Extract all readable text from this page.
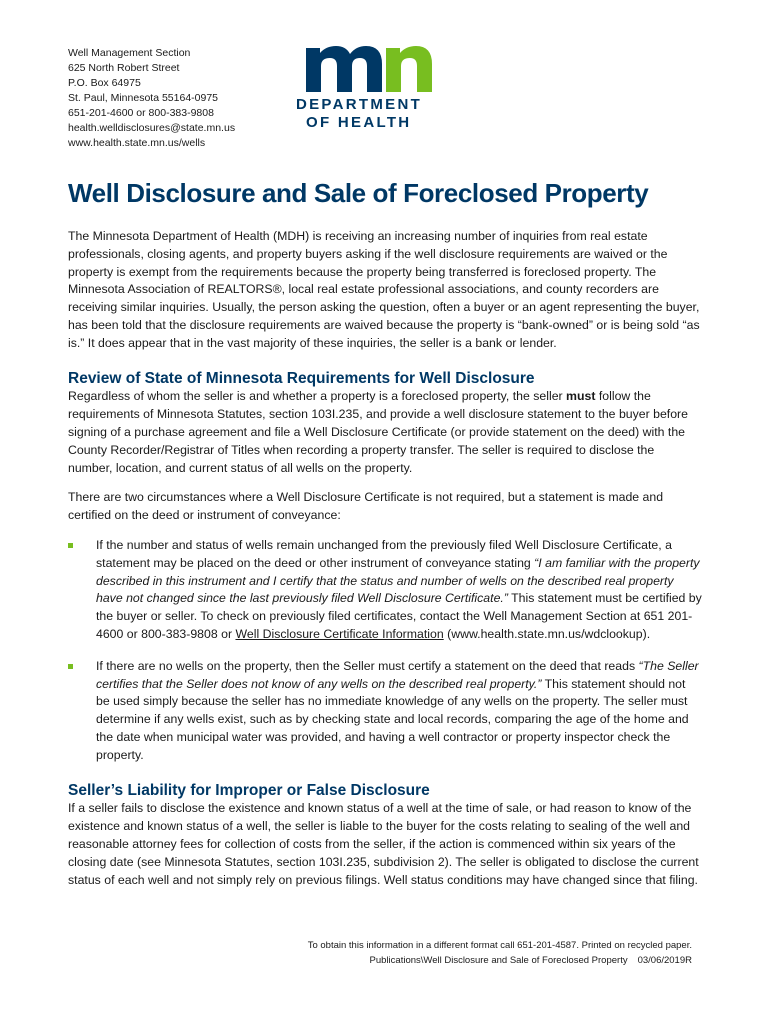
Well Management Section
625 North Robert Street
P.O. Box 64975
St. Paul, Minnesota 55164-0975
651-201-4600 or 800-383-9808
health.welldisclosures@state.mn.us
www.health.state.mn.us/wells
DEPARTMENT
OF HEALTH
Well Disclosure and Sale of Foreclosed Property

The Minnesota Department of Health (MDH) is receiving an increasing number of inquiries from real estate professionals, closing agents, and property buyers asking if the well disclosure requirements are waived or the property is exempt from the requirements because the property being transferred is foreclosed property. The Minnesota Association of REALTORS®, local real estate professional associations, and county recorders are receiving similar inquiries. Usually, the person asking the question, often a buyer or an agent representing the buyer, has been told that the disclosure requirements are waived because the property is “bank-owned” or is being sold “as is.” It does appear that in the vast majority of these inquiries, the seller is a bank or lender.

Review of State of Minnesota Requirements for Well Disclosure

Regardless of whom the seller is and whether a property is a foreclosed property, the seller must follow the requirements of Minnesota Statutes, section 103I.235, and provide a well disclosure statement to the buyer before signing of a purchase agreement and file a Well Disclosure Certificate (or provide statement on the deed) with the County Recorder/Registrar of Titles when recording a property transfer. The seller is required to disclose the number, location, and current status of all wells on the property.

There are two circumstances where a Well Disclosure Certificate is not required, but a statement is made and certified on the deed or instrument of conveyance:

If the number and status of wells remain unchanged from the previously filed Well Disclosure Certificate, a statement may be placed on the deed or other instrument of conveyance stating “I am familiar with the property described in this instrument and I certify that the status and number of wells on the described real property have not changed since the last previously filed Well Disclosure Certificate.” This statement must be certified by the buyer or seller. To check on previously filed certificates, contact the Well Management Section at 651 201-4600 or 800-383-9808 or Well Disclosure Certificate Information (www.health.state.mn.us/wdclookup).
If there are no wells on the property, then the Seller must certify a statement on the deed that reads “The Seller certifies that the Seller does not know of any wells on the described real property.” This statement should not be used simply because the seller has no immediate knowledge of any wells on the property. The seller must determine if any wells exist, such as by checking state and local records, comparing the age of the home and the date when municipal water was provided, and having a well contractor or property inspector check the property.
Seller’s Liability for Improper or False Disclosure

If a seller fails to disclose the existence and known status of a well at the time of sale, or had reason to know of the existence and known status of a well, the seller is liable to the buyer for the costs relating to sealing of the well and reasonable attorney fees for collection of costs from the seller, if the action is commenced within six years of the closing date (see Minnesota Statutes, section 103I.235, subdivision 2). The seller is obligated to disclose the current status of each well and not simply rely on previous filings. Well status conditions may have changed since that filing.

To obtain this information in a different format call 651-201-4587. Printed on recycled paper.
Publications\Well Disclosure and Sale of Foreclosed Property 03/06/2019R
